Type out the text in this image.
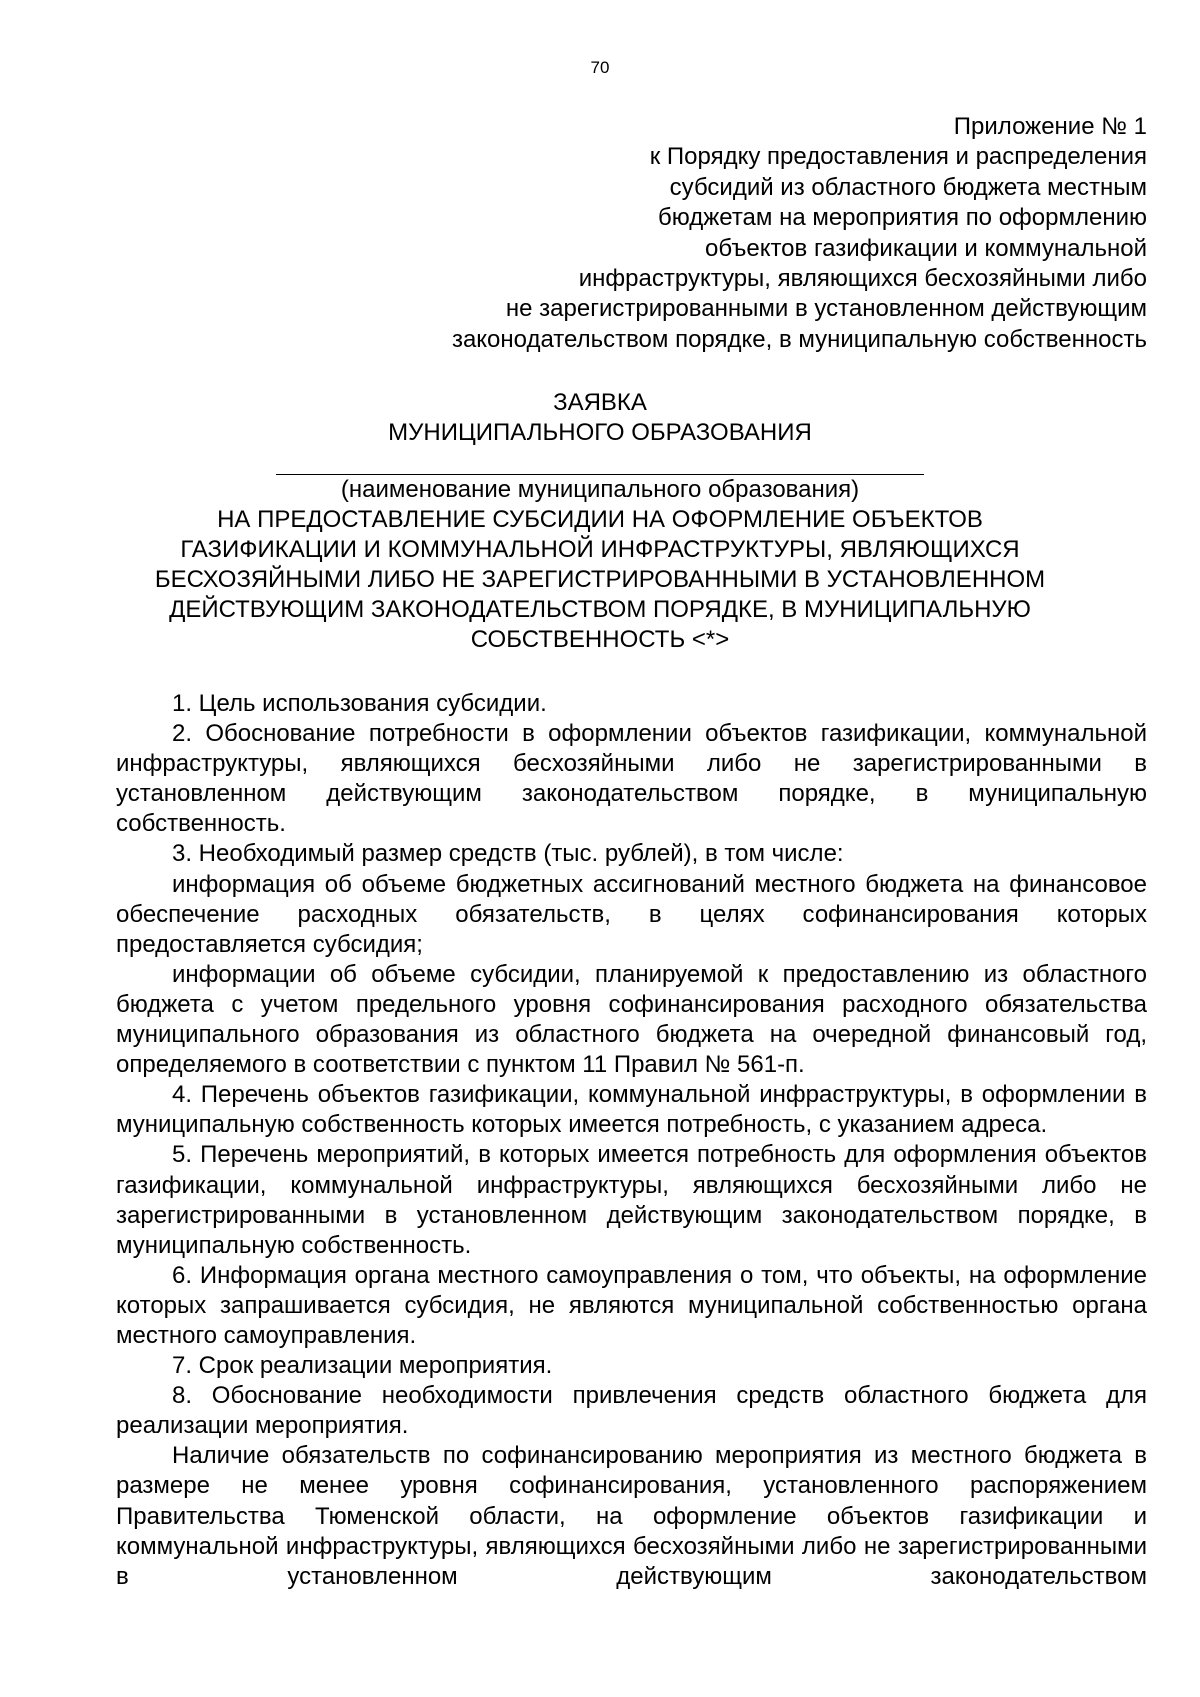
70
Приложение № 1
к Порядку предоставления и распределения
субсидий из областного бюджета местным
бюджетам на мероприятия по оформлению
объектов газификации и коммунальной
инфраструктуры, являющихся бесхозяйными либо
не зарегистрированными в установленном действующим
законодательством порядке, в муниципальную собственность
ЗАЯВКА
МУНИЦИПАЛЬНОГО ОБРАЗОВАНИЯ
(наименование муниципального образования)
НА ПРЕДОСТАВЛЕНИЕ СУБСИДИИ НА ОФОРМЛЕНИЕ ОБЪЕКТОВ
ГАЗИФИКАЦИИ И КОММУНАЛЬНОЙ ИНФРАСТРУКТУРЫ, ЯВЛЯЮЩИХСЯ
БЕСХОЗЯЙНЫМИ ЛИБО НЕ ЗАРЕГИСТРИРОВАННЫМИ В УСТАНОВЛЕННОМ
ДЕЙСТВУЮЩИМ ЗАКОНОДАТЕЛЬСТВОМ ПОРЯДКЕ, В МУНИЦИПАЛЬНУЮ
СОБСТВЕННОСТЬ <*>

1. Цель использования субсидии.

2. Обоснование потребности в оформлении объектов газификации, коммунальной инфраструктуры, являющихся бесхозяйными либо не зарегистрированными в установленном действующим законодательством порядке, в муниципальную собственность.

3. Необходимый размер средств (тыс. рублей), в том числе:

информация об объеме бюджетных ассигнований местного бюджета на финансовое обеспечение расходных обязательств, в целях софинансирования которых предоставляется субсидия;

информации об объеме субсидии, планируемой к предоставлению из областного бюджета с учетом предельного уровня софинансирования расходного обязательства муниципального образования из областного бюджета на очередной финансовый год, определяемого в соответствии с пунктом 11 Правил № 561-п.

4. Перечень объектов газификации, коммунальной инфраструктуры, в оформлении в муниципальную собственность которых имеется потребность, с указанием адреса.

5. Перечень мероприятий, в которых имеется потребность для оформления объектов газификации, коммунальной инфраструктуры, являющихся бесхозяйными либо не зарегистрированными в установленном действующим законодательством порядке, в муниципальную собственность.

6. Информация органа местного самоуправления о том, что объекты, на оформление которых запрашивается субсидия, не являются муниципальной собственностью органа местного самоуправления.

7. Срок реализации мероприятия.

8. Обоснование необходимости привлечения средств областного бюджета для реализации мероприятия.

Наличие обязательств по софинансированию мероприятия из местного бюджета в размере не менее уровня софинансирования, установленного распоряжением Правительства Тюменской области, на оформление объектов газификации и коммунальной инфраструктуры, являющихся бесхозяйными либо не зарегистрированными в установленном действующим законодательством
